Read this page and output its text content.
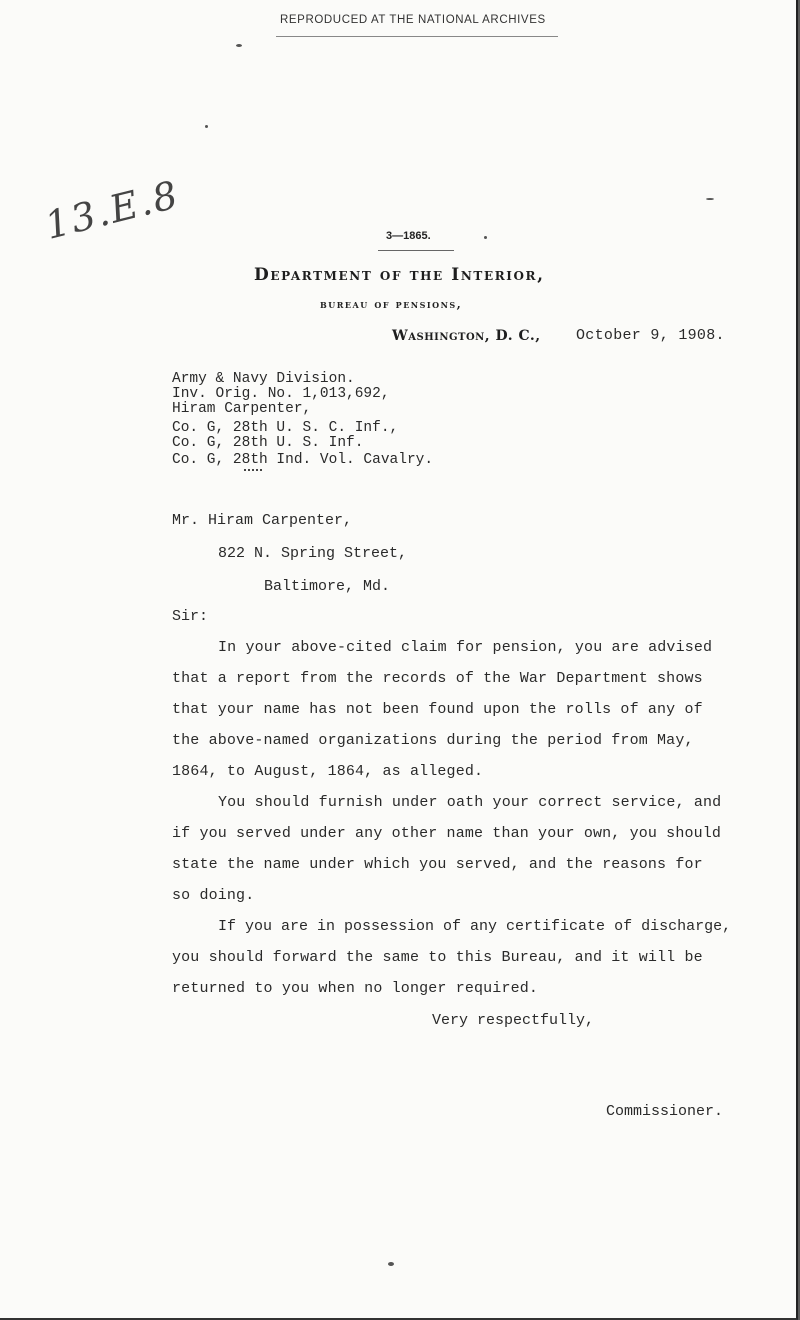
REPRODUCED AT THE NATIONAL ARCHIVES
13.E.8	3—1865.
Department of the Interior,
bureau of pensions,
Washington, D. C., October 9, 1908.
Army & Navy Division.
Inv. Orig. No. 1,013,692,
Hiram Carpenter,
Co. G, 28th U. S. C. Inf.,
Co. G, 28th U. S. Inf.
Co. G, 28th Ind. Vol. Cavalry.
Mr. Hiram Carpenter,
822 N. Spring Street,
Baltimore, Md.
Sir:
In your above-cited claim for pension, you are advised
that a report from the records of the War Department shows
that your name has not been found upon the rolls of any of
the above-named organizations during the period from May,
1864, to August, 1864, as alleged.
You should furnish under oath your correct service, and
if you served under any other name than your own, you should
state the name under which you served, and the reasons for
so doing.
If you are in possession of any certificate of discharge,
you should forward the same to this Bureau, and it will be
returned to you when no longer required.
Very respectfully,
Commissioner.
